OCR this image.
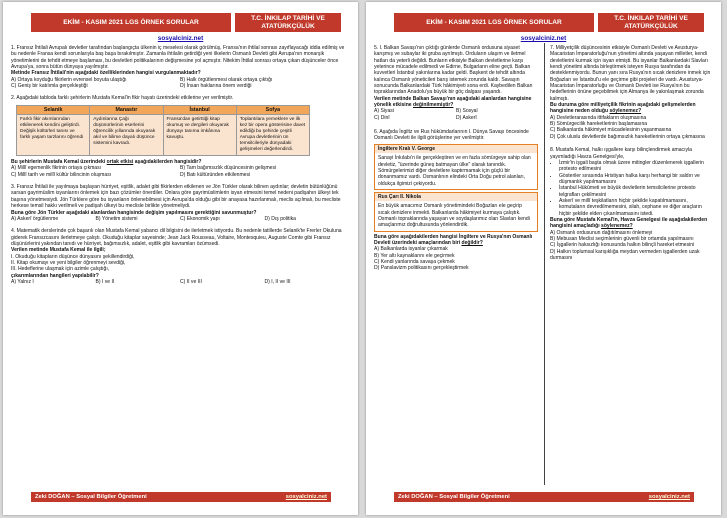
EKİM - KASIM 2021 LGS ÖRNEK SORULAR
T.C. İNKILAP TARİHİ VE ATATÜRKÇÜLÜK
sosyalciniz.net

1. Fransız İhtilali Avrupalı devletler tarafından başlangıçta ülkenin iç meselesi olarak görülmüş, Fransa'nın ihtilal sonrası zayıflayacağı iddia edilmiş ve bu nedenle Fransa kendi sorunlarıyla baş başa bırakılmıştır. Zamanla ihtilalin getirdiği yeni ilkelerin Osmanlı Devleti gibi Avrupa'nın monarşik yönetimlerini de tehdit etmeye başlaması, bu devletleri politikalarının değişmesine yol açmıştır. Nitekim İhtilal sonrası ortaya çıkan düşünceler önce Avrupa'ya, sonra bütün dünyaya yayılmıştır.

Metinde Fransız İhtilali'nin aşağıdaki özelliklerinden hangisi vurgulanmaktadır?

A) Ortaya koyduğu fikirlerin evrensel boyuta ulaştığı	B) Halk örgütlenmesi olarak ortaya çıktığı
C) Geniş bir katılımla gerçekleştiği	D) İnsan haklarına önem verdiği

2. Aşağıdaki tabloda farklı şehirlerin Mustafa Kemal'in fikir hayatı üzerindeki etkilerine yer verilmiştir.

Selanik	Manastır	İstanbul	Sofya
Farklı fikir akımlarından etkilenerek kendini geliştirdi. Değişik kültürleri tanısı ve farklı yaşam tarzlarını öğrendi	Aydınlarına Çağı düşünürlerinin eserlerini öğrencilik yıllarında okuyarak akıl ve bilime dayalı düşünce sistemini kavradı.	Fransa'dan getirttiği kitap okumuş ve dergileri okuyarak dünyayı tanıma imkânına kavuştu.	Toplantılara yemeklere ve ilk kez bir opera gösterisine davet edildiği bu şehirde çeşitli Avrupa devletlerinin ün temsilcileriyle dünyadaki gelişmeleri değerlendirdi.

Bu şehirlerin Mustafa Kemal üzerindeki ortak etkisi aşağıdakilerden hangisidir?

A) Millî egemenlik fikrinin ortaya çıkması	B) Tam bağımsızlık düşüncesinin gelişmesi
C) Millî tarih ve millî kültür bilincinin oluşması	D) Batı kültüründen etkilenmesi

3. Fransız İhtilali ile yayılmaya başlayan hürriyet, eşitlik, adalet gibi fikirlerden etkilenen ve Jön Türkler olarak bilinen aydınlar; devletin bütünlüğünü sarsan gayrimüslim isyanlarını önlemek için bazı çözümler önerdiler. Onlara göre gayrimüslimlerin isyan etmesini temel nedeni padişahın ülkeyi tek başına yönetmesiydi. Jön Türklere göre bu isyanların önlenebilmesi için Avrupa'da olduğu gibi bir anayasa hazırlanmalı, meclis açılmalı, bu mecliste herkese temsil hakkı verilmeli ve padişah ülkeyi bu meclisle birlikte yönetmeliydi.

Buna göre Jön Türkler aşağıdaki alanlardan hangisinde değişim yapılmasını gerektiğini savunmuştur?

A) Askerî örgütlenme	B) Yönetim sistemi	C) Ekonomik yapı	D) Dış politika

4. Matematik derslerinde çok başarılı olan Mustafa Kemal yabancı dil bilgisini de ilerletmek istiyordu. Bu nedenle tatillerde Selanik'te Frerler Okuluna giderek Fransızcasını ilerletmeye çalıştı. Okuduğu kitaplar sayesinde; Jean Jack Rousseau, Voltaire, Montesquieu, Auguste Comte gibi Fransız düşünürlerini yakından tanıdı ve hürriyet, bağımsızlık, adalet, eşitlik gibi kavramları özümsedi.

Verilen metinde Mustafa Kemal ile ilgili;

I. Okuduğu kitapların düşünce dünyasını şekillendirdiği,

II. Kitap okumayı ve yeni bilgiler öğrenmeyi sevdiği,

III. Hedeflerine ulaşmak için azimle çalıştığı,

çıkarımlarından hangileri yapılabilir?

A) Yalnız I	B) I ve II	C) II ve III	D) I, II ve III
Zeki DOĞAN – Sosyal Bilgiler Öğretmeni	sosyalciniz.net
EKİM - KASIM 2021 LGS ÖRNEK SORULAR
T.C. İNKILAP TARİHİ VE ATATÜRKÇÜLÜK
sosyalciniz.net

5. I. Balkan Savaşı'nın çıktığı günlerde Osmanlı ordusuna siyaset karışmış ve subaylar iki gruba ayrılmıştı. Orduların ulaşım ve iletmel hatları da yeterli değildi. Bunların etkisiyle Balkan devletlerine karşı yeterince mücadele edilmedi ve Edirne, Bulgarların eline geçti. Balkan kuvvetleri İstanbul yakınlarına kadar geldi. Başkent de tehdit altında kalınca Osmanlı yöneticileri barış istemek zorunda kaldı. Savaşın sonucunda Balkanlardaki Türk hâkimiyeti sona erdi. Kaybedilen Balkan topraklarından Anadolu'ya büyük bir göç dalgası yaşandı.

Verilen metinde Balkan Savaşı'nın aşağıdaki alanlardan hangisine yönelik etkisine değinilmemiştir?

A) Siyasi	B) Sosyal
C) Dinî	D) Askerî

6. Aşağıda İngiltz ve Rus hükümdarlarının I. Dünya Savaşı öncesinde Osmanlı Devleti ile ilgili görüşlerine yer verilmiştir.

İngiltere Kralı V. George
Sanayi İnkılabı'n ile gerçekleştiren ve en fazla sömürgeye sahip olan devletiz, "üzerinde güneş batmayan ülke" olarak tanındık. Sömürgelerimizi diğer devletlere kaptırmamak için güçlü bir donanmamız vardı. Osmanlının elindeki Orta Doğu petrol alanları, oldukça ilgimizi çekiyordu.
Rus Çarı II. Nikola
En büyük amacımız Osmanlı yönetimindeki Boğazları ele geçirip sıcak denizlere inmekti. Balkanlarda hâkimiyet kurmaya çalıştık. Osmanlı topraklarında yaşayan ve soydaşlarımız olan Slavları kendi amaçlarımız doğrultusunda yönlendirdik.

Buna göre aşağıdakilerden hangisi İngiltere ve Rusya'nın Osmanlı Devleti üzerindeki amaçlarından biri değildir?

A) Balkanlarda isyanlar çıkarmak

B) Yer altı kaynaklarını ele geçirmek

C) Kendi yanlarında savaşa çekmek

D) Panslavizm politikasını gerçekleştirmek

7. Milliyetçilik düşüncesinin etkisiyle Osmanlı Devleti ve Avusturya-Macaristan İmparatorluğu'nun yönetimi altında yaşayan milletler, kendi devletlerini kurmak için isyan etmişti. Bu isyanlar Balkanlardaki Slavları kendi yönetimi altında birleştirmek isteyen Rusya tarafından da desteklenmiyordu. Bunun yanı sıra Rusya'nın sıcak denizlere inmek için Boğazları ve İstanbul'u ele geçirme gibi projeleri de vardı. Avusturya-Macaristan İmparatorluğu ve Osmanlı Devleti ise Rusya'nın bu hedeflerinin önüne geçebilmek için Almanya ile yakınlaşmak zorunda kalmıştı.

Bu duruma göre milliyetçilik fikrinin aşağıdaki gelişmelerden hangisine neden olduğu söylenemez?

A) Devletlerarasında ittifakların oluşmasına

B) Sömürgecilik hareketlerinin başlamasına

C) Balkanlarda hâkimiyet mücadelesinin yaşanmasına

D) Çok uluslu devletlerde bağımsızlık hareketlerinin ortaya çıkmasına

8. Mustafa Kemal, halkı ışgallere karşı bilinçlendirmek amacıyla yayımladığı Havza Genelgesi'yle,

• İzmir'in işgali başta olmak üzere mitingler düzenlenerek işgallerin protesto edilmesini
• Gösteriler sırasında Hristiyan halka karşı herhangi bir saldırı ve düşmanlık yapılmamasını
• İstanbul Hükûmeti ve büyük devletlerin temsilcilerine protesto telgrafları çekilmesini
• Askerî ve millî teşkilatların hiçbir şekilde kapatılmamasını, komutaların devredilmemesini, silah, cephane ve diğer araçların hiçbir şekilde elden çıkarılmamasını istedi.

Buna göre Mustafa Kemal'in, Havza Genelgesi ile aşağıdakilerden hangisini amaçladığı söylenemez?

A) Osmanlı ordusunun dağıtılmasını önlemeyi

B) Mebusan Meclisi seçimlerinin güvenli bir ortamda yapılmasını

C) İşgallerin haksızlığı konusunda halkın bilinçli hareket etmesini

D) Halkın toplumsal karışıklığa meydan vermeden işgallerden uzak durmasını

Zeki DOĞAN – Sosyal Bilgiler Öğretmeni	sosyalciniz.net
